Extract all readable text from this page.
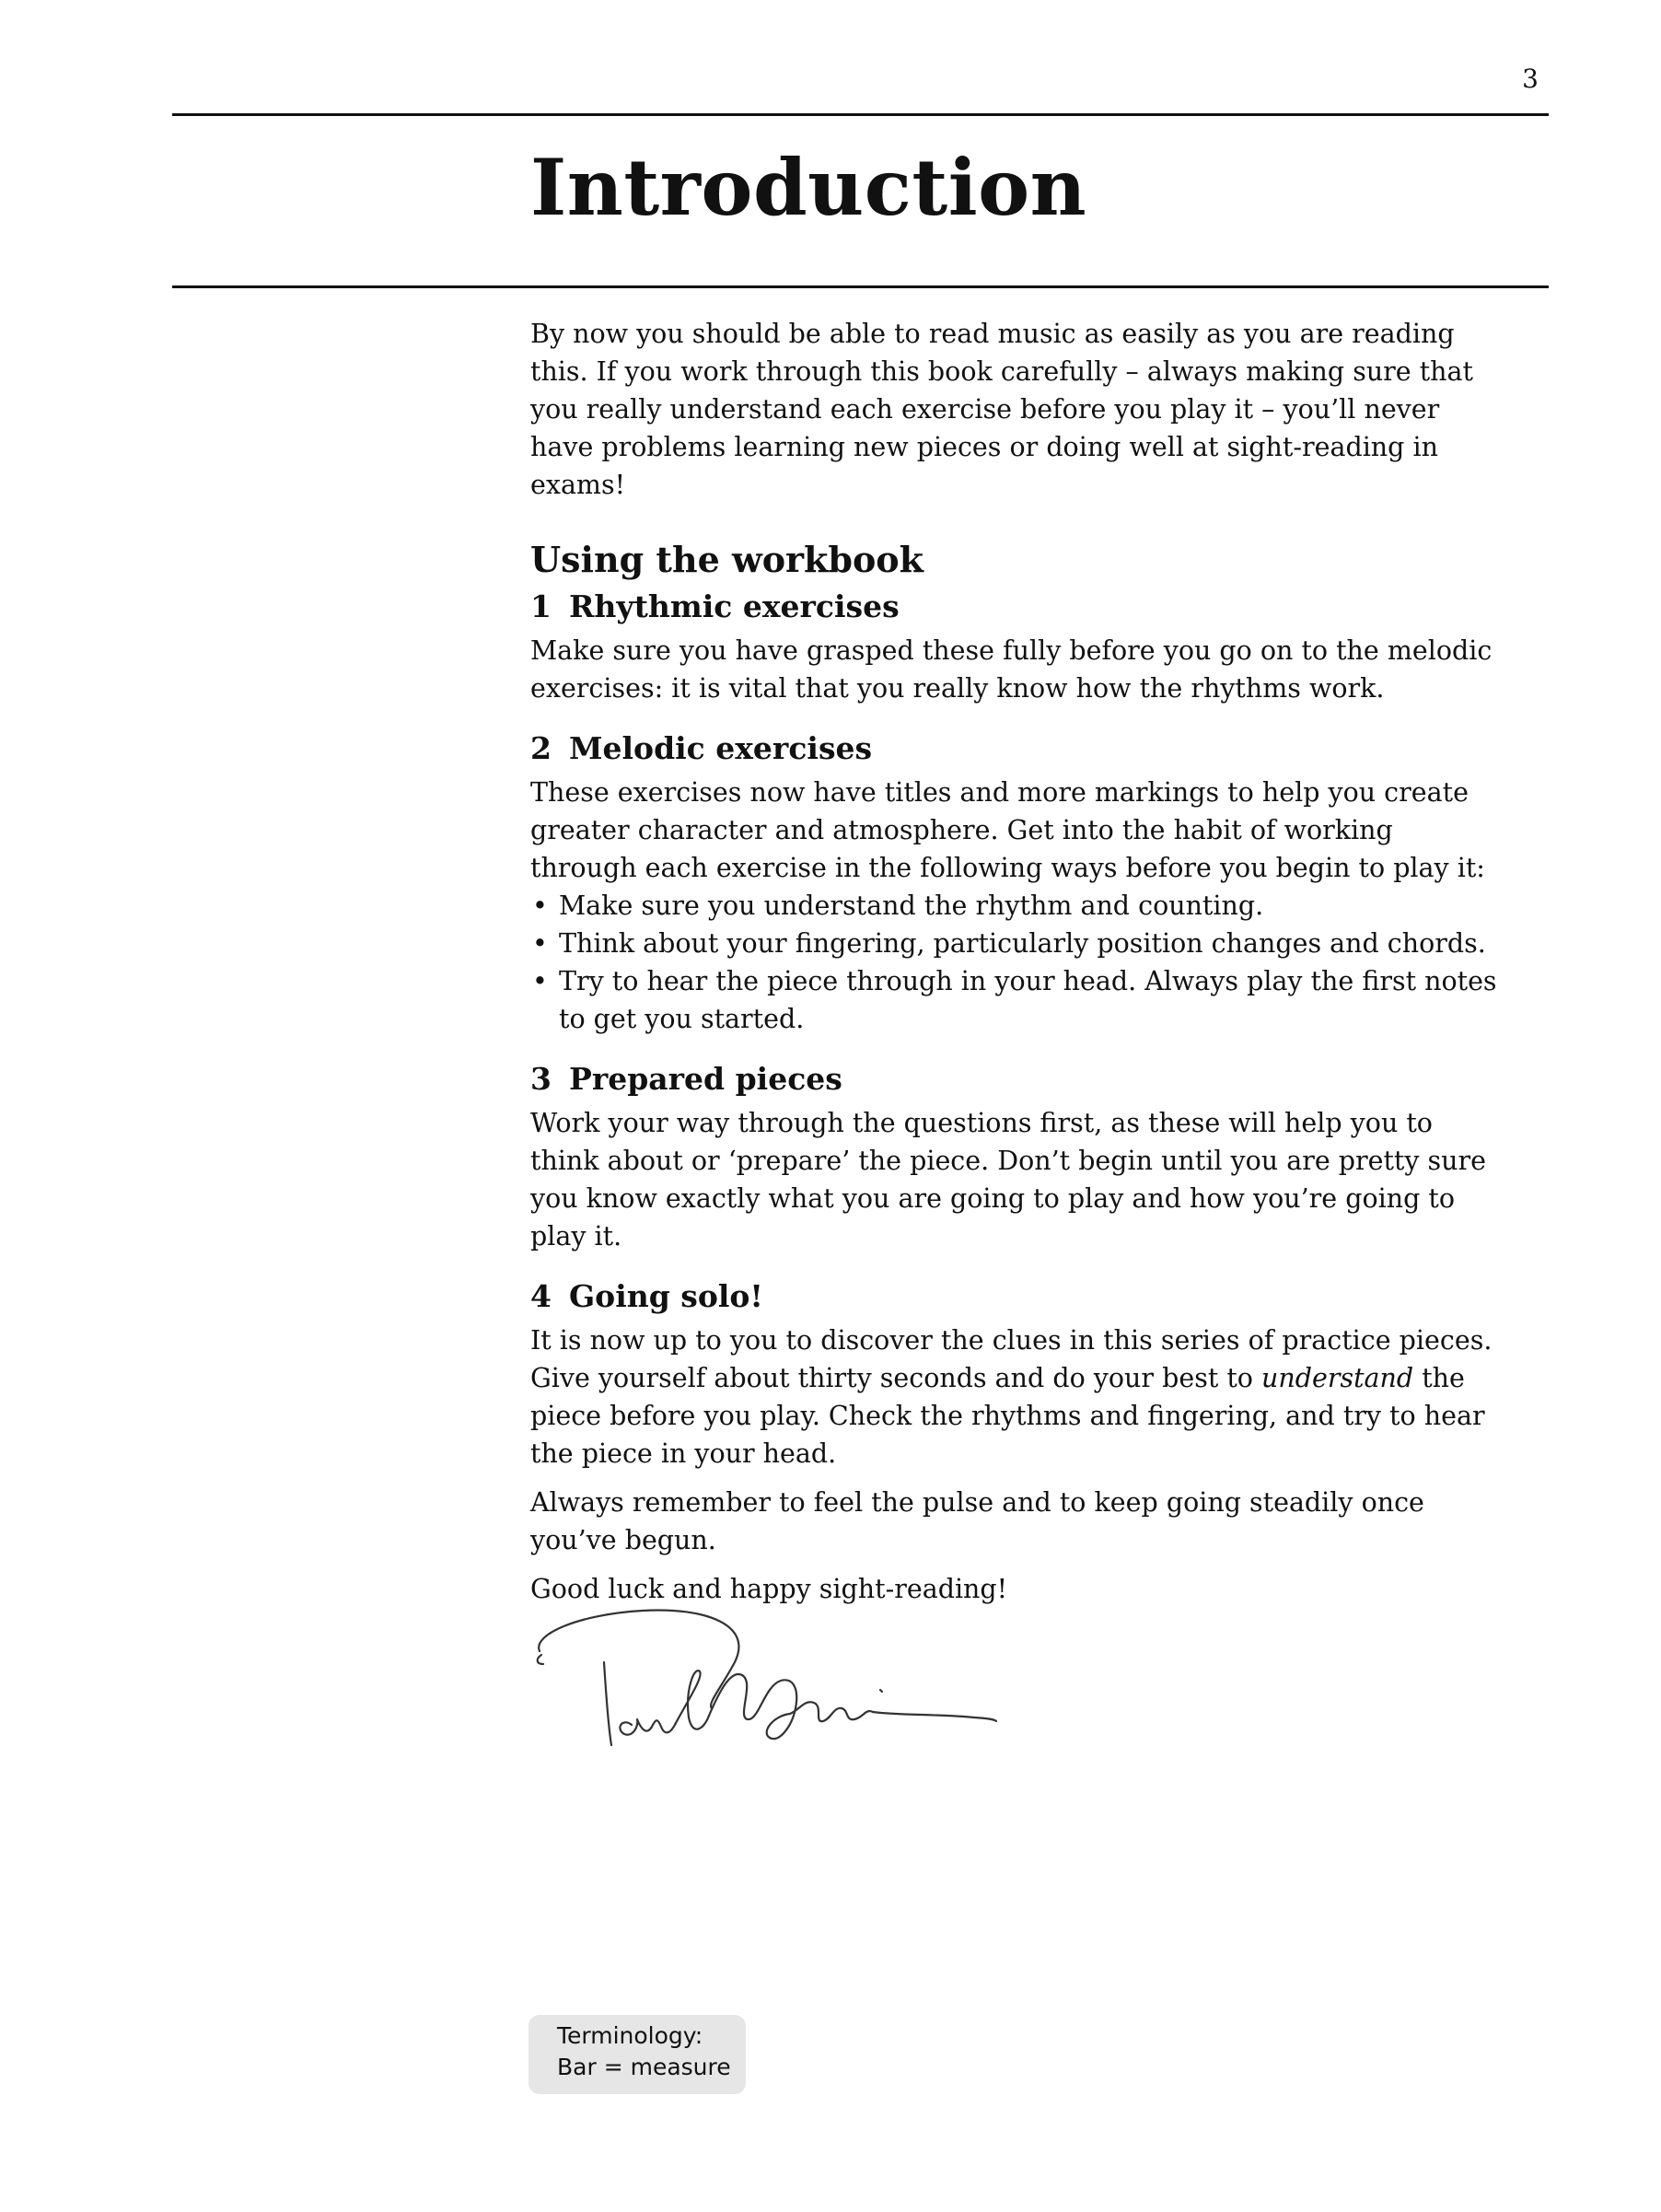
3
Introduction

By now you should be able to read music as easily as you are reading this. If you work through this book carefully – always making sure that you really understand each exercise before you play it – you’ll never have problems learning new pieces or doing well at sight-reading in exams!

Using the workbook
1 Rhythmic exercises

Make sure you have grasped these fully before you go on to the melodic exercises: it is vital that you really know how the rhythms work.

2 Melodic exercises

These exercises now have titles and more markings to help you create greater character and atmosphere. Get into the habit of working through each exercise in the following ways before you begin to play it:

• Make sure you understand the rhythm and counting.
• Think about your fingering, particularly position changes and chords.
• Try to hear the piece through in your head. Always play the first notes to get you started.
3 Prepared pieces

Work your way through the questions first, as these will help you to think about or ‘prepare’ the piece. Don’t begin until you are pretty sure you know exactly what you are going to play and how you’re going to play it.

4 Going solo!

It is now up to you to discover the clues in this series of practice pieces. Give yourself about thirty seconds and do your best to understand the piece before you play. Check the rhythms and fingering, and try to hear the piece in your head.

Always remember to feel the pulse and to keep going steadily once you’ve begun.

Good luck and happy sight-reading!

Terminology:
Bar = measure
